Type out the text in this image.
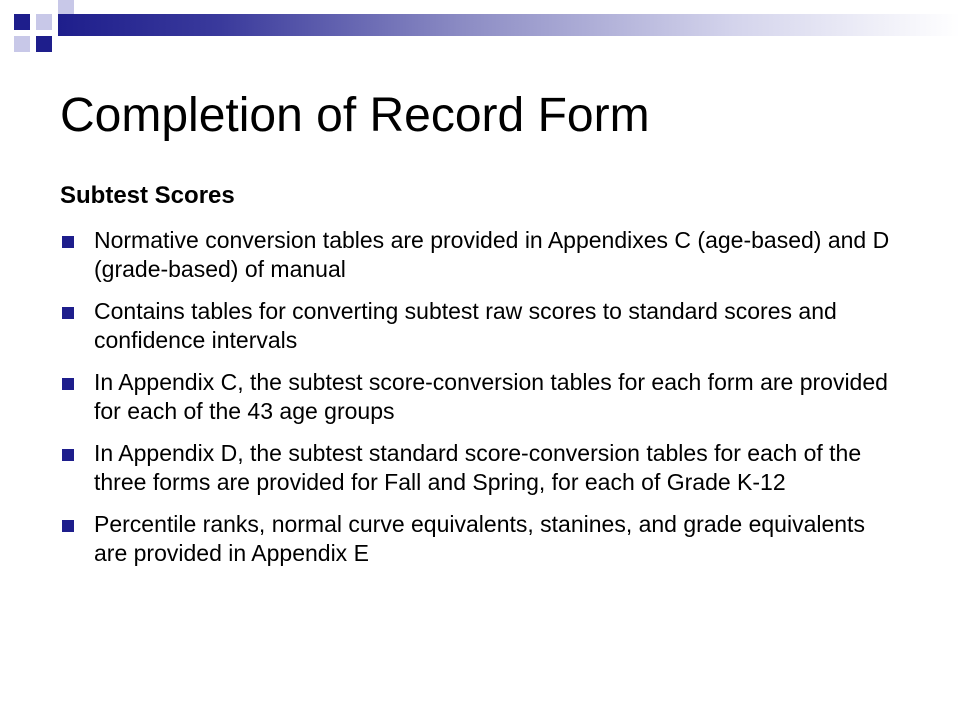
Completion of Record Form
Subtest Scores
Normative conversion tables are provided in Appendixes C (age-based) and D (grade-based) of manual
Contains tables for converting subtest raw scores to standard scores and confidence intervals
In Appendix C, the subtest score-conversion tables for each form are provided for each of the 43 age groups
In Appendix D, the subtest standard score-conversion tables for each of the three forms are provided for Fall and Spring, for each of Grade K-12
Percentile ranks, normal curve equivalents, stanines, and grade equivalents are provided in Appendix E
